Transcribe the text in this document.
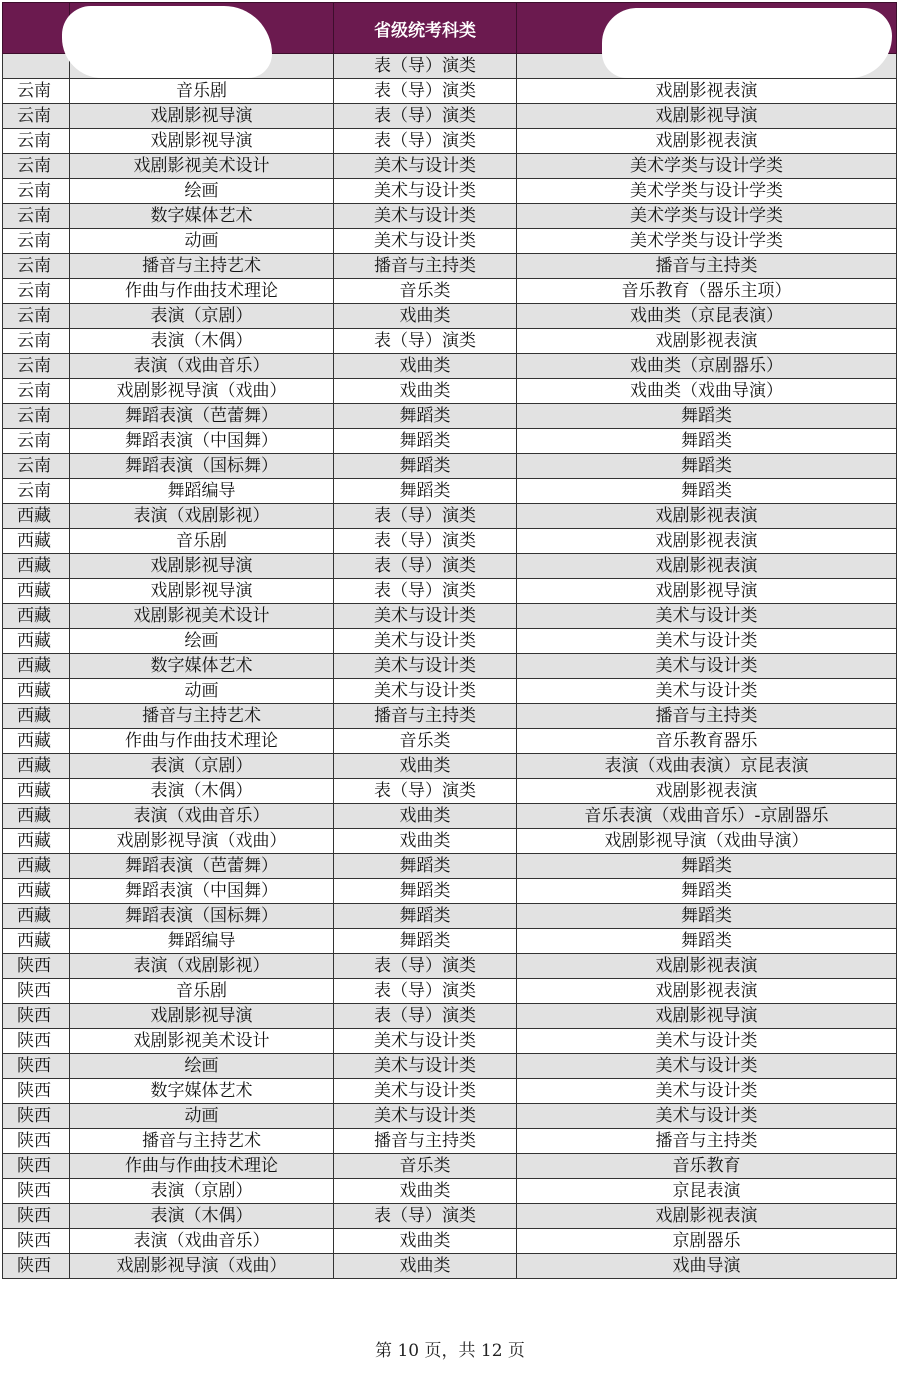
		省级统考科类	
		表（导）演类	
云南	音乐剧	表（导）演类	戏剧影视表演
云南	戏剧影视导演	表（导）演类	戏剧影视导演
云南	戏剧影视导演	表（导）演类	戏剧影视表演
云南	戏剧影视美术设计	美术与设计类	美术学类与设计学类
云南	绘画	美术与设计类	美术学类与设计学类
云南	数字媒体艺术	美术与设计类	美术学类与设计学类
云南	动画	美术与设计类	美术学类与设计学类
云南	播音与主持艺术	播音与主持类	播音与主持类
云南	作曲与作曲技术理论	音乐类	音乐教育（器乐主项）
云南	表演（京剧）	戏曲类	戏曲类（京昆表演）
云南	表演（木偶）	表（导）演类	戏剧影视表演
云南	表演（戏曲音乐）	戏曲类	戏曲类（京剧器乐）
云南	戏剧影视导演（戏曲）	戏曲类	戏曲类（戏曲导演）
云南	舞蹈表演（芭蕾舞）	舞蹈类	舞蹈类
云南	舞蹈表演（中国舞）	舞蹈类	舞蹈类
云南	舞蹈表演（国标舞）	舞蹈类	舞蹈类
云南	舞蹈编导	舞蹈类	舞蹈类
西藏	表演（戏剧影视）	表（导）演类	戏剧影视表演
西藏	音乐剧	表（导）演类	戏剧影视表演
西藏	戏剧影视导演	表（导）演类	戏剧影视表演
西藏	戏剧影视导演	表（导）演类	戏剧影视导演
西藏	戏剧影视美术设计	美术与设计类	美术与设计类
西藏	绘画	美术与设计类	美术与设计类
西藏	数字媒体艺术	美术与设计类	美术与设计类
西藏	动画	美术与设计类	美术与设计类
西藏	播音与主持艺术	播音与主持类	播音与主持类
西藏	作曲与作曲技术理论	音乐类	音乐教育器乐
西藏	表演（京剧）	戏曲类	表演（戏曲表演）京昆表演
西藏	表演（木偶）	表（导）演类	戏剧影视表演
西藏	表演（戏曲音乐）	戏曲类	音乐表演（戏曲音乐）-京剧器乐
西藏	戏剧影视导演（戏曲）	戏曲类	戏剧影视导演（戏曲导演）
西藏	舞蹈表演（芭蕾舞）	舞蹈类	舞蹈类
西藏	舞蹈表演（中国舞）	舞蹈类	舞蹈类
西藏	舞蹈表演（国标舞）	舞蹈类	舞蹈类
西藏	舞蹈编导	舞蹈类	舞蹈类
陕西	表演（戏剧影视）	表（导）演类	戏剧影视表演
陕西	音乐剧	表（导）演类	戏剧影视表演
陕西	戏剧影视导演	表（导）演类	戏剧影视导演
陕西	戏剧影视美术设计	美术与设计类	美术与设计类
陕西	绘画	美术与设计类	美术与设计类
陕西	数字媒体艺术	美术与设计类	美术与设计类
陕西	动画	美术与设计类	美术与设计类
陕西	播音与主持艺术	播音与主持类	播音与主持类
陕西	作曲与作曲技术理论	音乐类	音乐教育
陕西	表演（京剧）	戏曲类	京昆表演
陕西	表演（木偶）	表（导）演类	戏剧影视表演
陕西	表演（戏曲音乐）	戏曲类	京剧器乐
陕西	戏剧影视导演（戏曲）	戏曲类	戏曲导演
第 10 页，共 12 页
